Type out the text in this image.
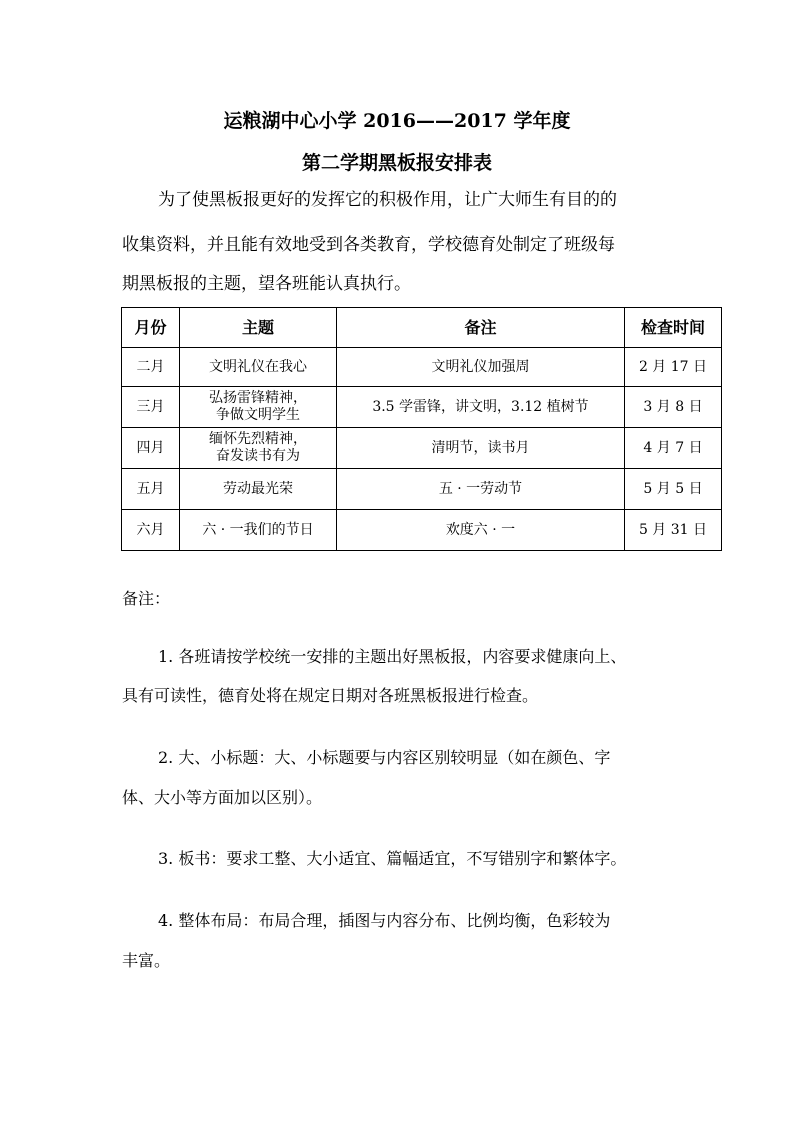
运粮湖中心小学 2016——2017 学年度
第二学期黑板报安排表
为了使黑板报更好的发挥它的积极作用，让广大师生有目的的
收集资料，并且能有效地受到各类教育，学校德育处制定了班级每
期黑板报的主题，望各班能认真执行。
月份	主题	备注	检查时间
二月	文明礼仪在我心	文明礼仪加强周	2 月 17 日
三月	弘扬雷锋精神，
争做文明学生	3.5 学雷锋，讲文明，3.12 植树节	3 月 8 日
四月	缅怀先烈精神，
奋发读书有为	清明节，读书月	4 月 7 日
五月	劳动最光荣	五 · 一劳动节	5 月 5 日
六月	六 · 一我们的节日	欢度六 · 一	5 月 31 日
备注：
1. 各班请按学校统一安排的主题出好黑板报，内容要求健康向上、
具有可读性，德育处将在规定日期对各班黑板报进行检查。
2. 大、小标题：大、小标题要与内容区别较明显（如在颜色、字
体、大小等方面加以区别）。
3. 板书：要求工整、大小适宜、篇幅适宜，不写错别字和繁体字。
4. 整体布局：布局合理，插图与内容分布、比例均衡，色彩较为
丰富。
